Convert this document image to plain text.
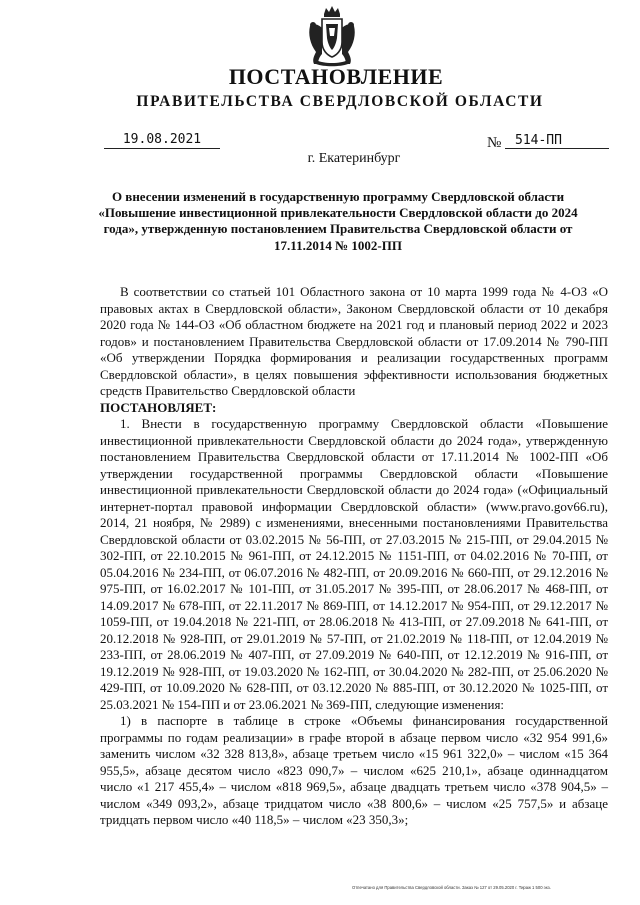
ПОСТАНОВЛЕНИЕ
ПРАВИТЕЛЬСТВА СВЕРДЛОВСКОЙ ОБЛАСТИ
19.08.2021	№	514-ПП
г. Екатеринбург
О внесении изменений в государственную программу Свердловской области «Повышение инвестиционной привлекательности Свердловской области до 2024 года», утвержденную постановлением Правительства Свердловской области от 17.11.2014 № 1002-ПП

В соответствии со статьей 101 Областного закона от 10 марта 1999 года № 4-ОЗ «О правовых актах в Свердловской области», Законом Свердловской области от 10 декабря 2020 года № 144-ОЗ «Об областном бюджете на 2021 год и плановый период 2022 и 2023 годов» и постановлением Правительства Свердловской области от 17.09.2014 № 790-ПП «Об утверждении Порядка формирования и реализации государственных программ Свердловской области», в целях повышения эффективности использования бюджетных средств Правительство Свердловской области

ПОСТАНОВЛЯЕТ:

1. Внести в государственную программу Свердловской области «Повышение инвестиционной привлекательности Свердловской области до 2024 года», утвержденную постановлением Правительства Свердловской области от 17.11.2014 № 1002-ПП «Об утверждении государственной программы Свердловской области «Повышение инвестиционной привлекательности Свердловской области до 2024 года» («Официальный интернет-портал правовой информации Свердловской области» (www.pravo.gov66.ru), 2014, 21 ноября, № 2989) с изменениями, внесенными постановлениями Правительства Свердловской области от 03.02.2015 № 56-ПП, от 27.03.2015 № 215-ПП, от 29.04.2015 № 302-ПП, от 22.10.2015 № 961-ПП, от 24.12.2015 № 1151-ПП, от 04.02.2016 № 70-ПП, от 05.04.2016 № 234-ПП, от 06.07.2016 № 482-ПП, от 20.09.2016 № 660-ПП, от 29.12.2016 № 975-ПП, от 16.02.2017 № 101-ПП, от 31.05.2017 № 395-ПП, от 28.06.2017 № 468-ПП, от 14.09.2017 № 678-ПП, от 22.11.2017 № 869-ПП, от 14.12.2017 № 954-ПП, от 29.12.2017 № 1059-ПП, от 19.04.2018 № 221-ПП, от 28.06.2018 № 413-ПП, от 27.09.2018 № 641-ПП, от 20.12.2018 № 928-ПП, от 29.01.2019 № 57-ПП, от 21.02.2019 № 118-ПП, от 12.04.2019 № 233-ПП, от 28.06.2019 № 407-ПП, от 27.09.2019 № 640-ПП, от 12.12.2019 № 916-ПП, от 19.12.2019 № 928-ПП, от 19.03.2020 № 162-ПП, от 30.04.2020 № 282-ПП, от 25.06.2020 № 429-ПП, от 10.09.2020 № 628-ПП, от 03.12.2020 № 885-ПП, от 30.12.2020 № 1025-ПП, от 25.03.2021 № 154-ПП и от 23.06.2021 № 369-ПП, следующие изменения:

1) в паспорте в таблице в строке «Объемы финансирования государственной программы по годам реализации» в графе второй в абзаце первом число «32 954 991,6» заменить числом «32 328 813,8», абзаце третьем число «15 961 322,0» – числом «15 364 955,5», абзаце десятом число «823 090,7» – числом «625 210,1», абзаце одиннадцатом число «1 217 455,4» – числом «818 969,5», абзаце двадцать третьем число «378 904,5» – числом «349 093,2», абзаце тридцатом число «38 800,6» – числом «25 757,5» и абзаце тридцать первом число «40 118,5» – числом «23 350,3»;

Отпечатано для Правительства Свердловской области. Заказ № 127 от 29.05.2020 г. Тираж 1 500 экз.
